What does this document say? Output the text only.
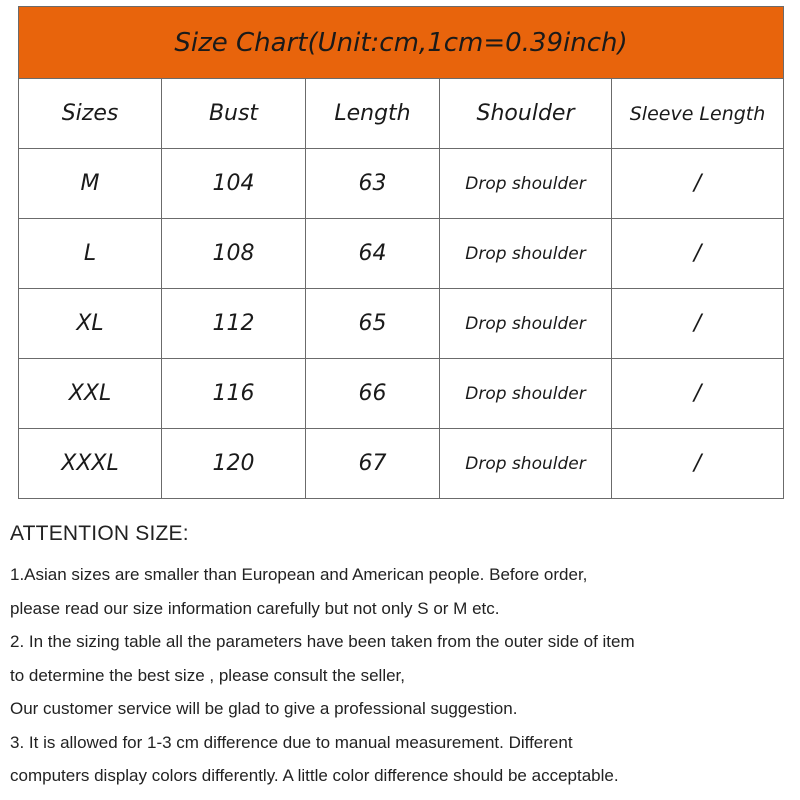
Size Chart(Unit:cm,1cm=0.39inch)				
Sizes	Bust	Length	Shoulder	Sleeve Length
M	104	63	Drop shoulder	/
L	108	64	Drop shoulder	/
XL	112	65	Drop shoulder	/
XXL	116	66	Drop shoulder	/
XXXL	120	67	Drop shoulder	/
ATTENTION SIZE:

1.Asian sizes are smaller than European and American people. Before order,

please read our size information carefully but not only S or M etc.

2. In the sizing table all the parameters have been taken from the outer side of item

to determine the best size , please consult the seller,

Our customer service will be glad to give a professional suggestion.

3. It is allowed for 1-3 cm difference due to manual measurement. Different

computers display colors differently. A little color difference should be acceptable.
